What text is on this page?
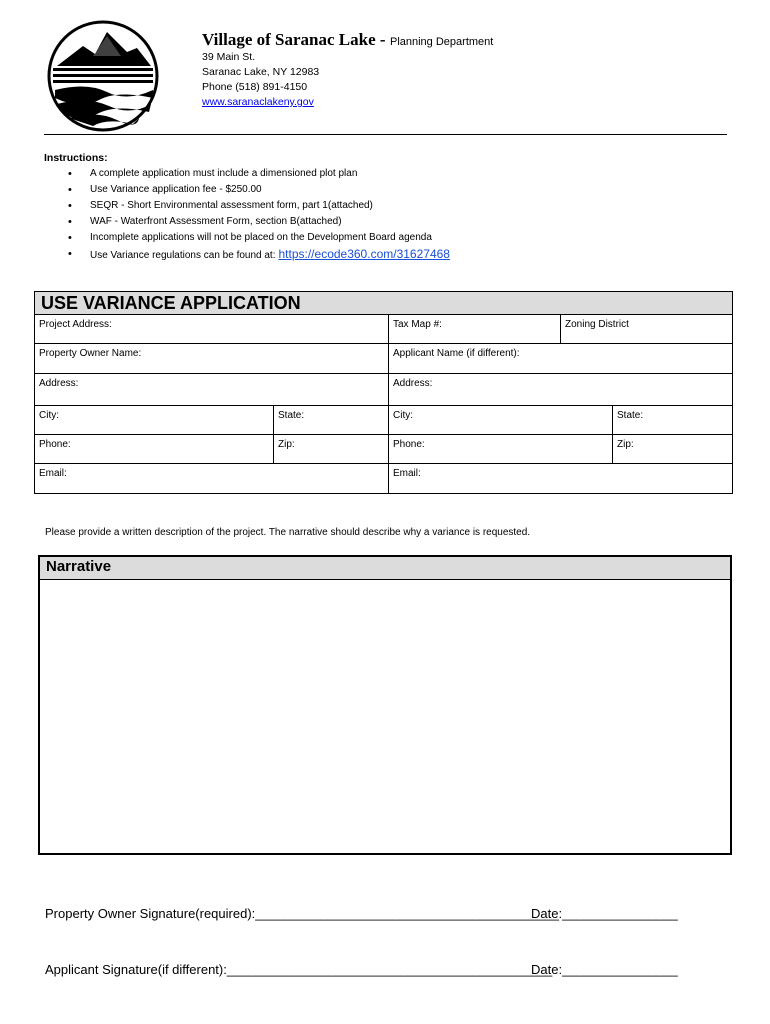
Village of Saranac Lake - Planning Department
39 Main St.
Saranac Lake, NY 12983
Phone (518) 891-4150
www.saranaclakeny.gov
Instructions:
• A complete application must include a dimensioned plot plan
• Use Variance application fee - $250.00
• SEQR - Short Environmental assessment form, part 1(attached)
• WAF - Waterfront Assessment Form, section B(attached)
• Incomplete applications will not be placed on the Development Board agenda
• Use Variance regulations can be found at: https://ecode360.com/31627468
USE VARIANCE APPLICATION
Project Address:	Tax Map #:	Zoning District
Property Owner Name:	Applicant Name (if different):
Address:	Address:
City:	State:	City:	State:
Phone:	Zip:	Phone:	Zip:
Email:	Email:
Please provide a written description of the project. The narrative should describe why a variance is requested.
Narrative
Property Owner Signature(required):__________________________________________
Date:________________
Applicant Signature(if different):_____________________________________________
Date:________________
